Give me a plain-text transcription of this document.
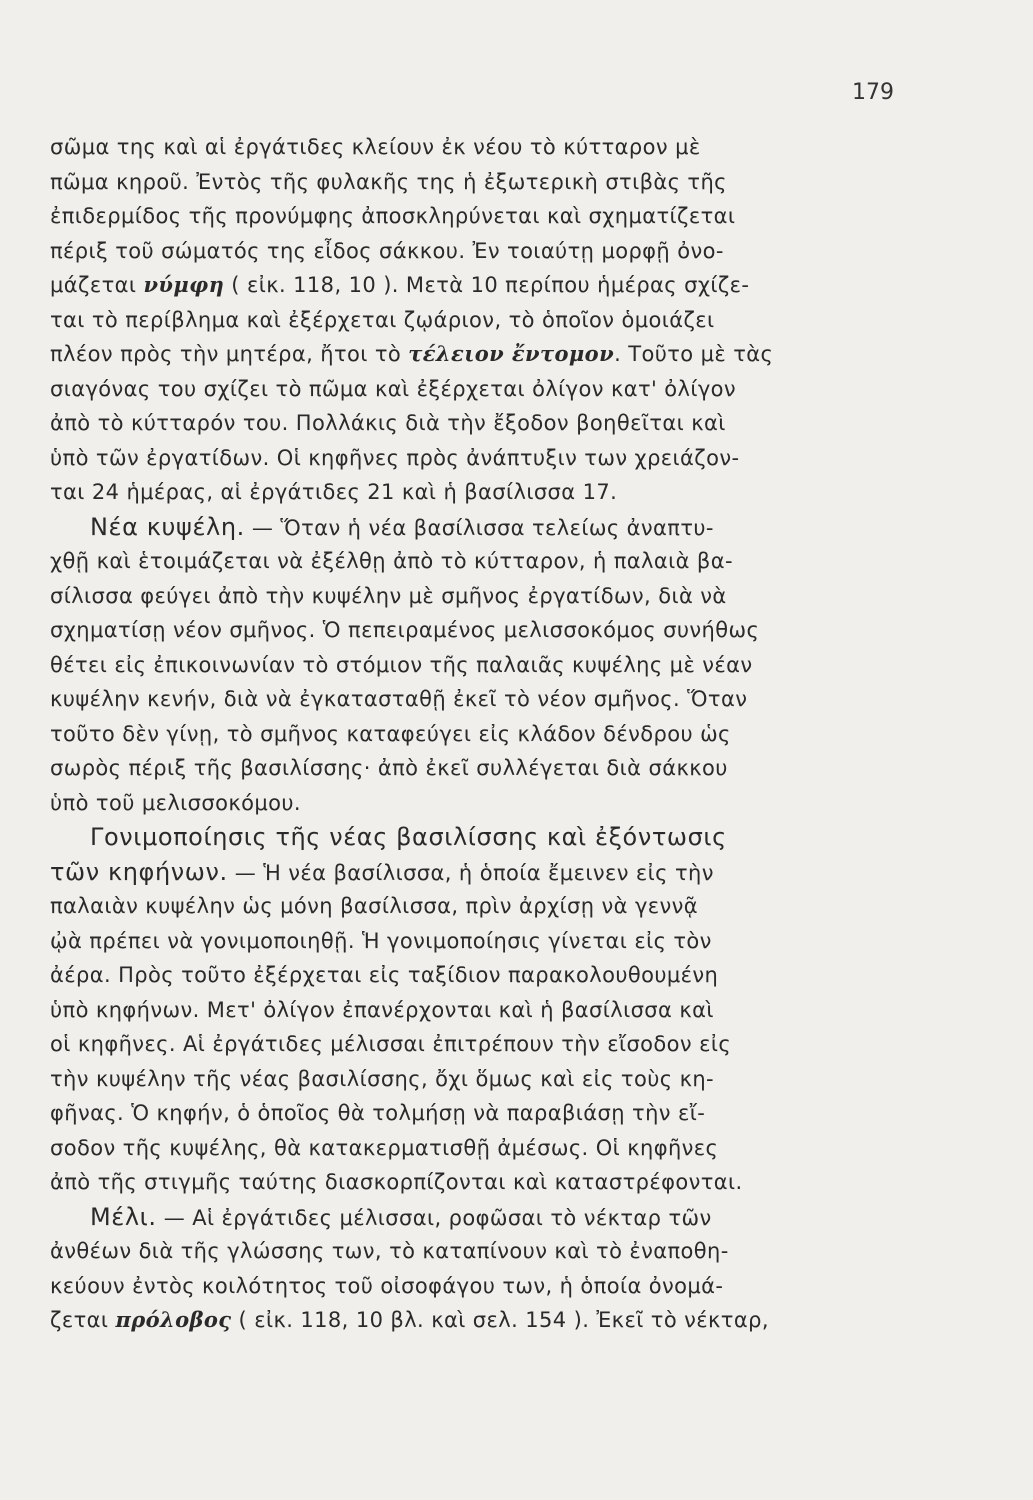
179
σῶμα της καὶ αἱ ἐργάτιδες κλείουν ἐκ νέου τὸ κύτταρον μὲ
πῶμα κηροῦ. Ἐντὸς τῆς φυλακῆς της ἡ ἐξωτερικὴ στιβὰς τῆς
ἐπιδερμίδος τῆς προνύμφης ἀποσκληρύνεται καὶ σχηματίζεται
πέριξ τοῦ σώματός της εἶδος σάκκου. Ἐν τοιαύτῃ μορφῇ ὀνο-
μάζεται νύμφη ( εἰκ. 118, 10 ). Μετὰ 10 περίπου ἡμέρας σχίζε-
ται τὸ περίβλημα καὶ ἐξέρχεται ζῳάριον, τὸ ὁποῖον ὁμοιάζει
πλέον πρὸς τὴν μητέρα, ἤτοι τὸ τέλειον ἔντομον. Τοῦτο μὲ τὰς
σιαγόνας του σχίζει τὸ πῶμα καὶ ἐξέρχεται ὀλίγον κατ' ὀλίγον
ἀπὸ τὸ κύτταρόν του. Πολλάκις διὰ τὴν ἔξοδον βοηθεῖται καὶ
ὑπὸ τῶν ἐργατίδων. Οἱ κηφῆνες πρὸς ἀνάπτυξιν των χρειάζον-
ται 24 ἡμέρας, αἱ ἐργάτιδες 21 καὶ ἡ βασίλισσα 17.
Νέα κυψέλη. — Ὅταν ἡ νέα βασίλισσα τελείως ἀναπτυ-
χθῇ καὶ ἑτοιμάζεται νὰ ἐξέλθῃ ἀπὸ τὸ κύτταρον, ἡ παλαιὰ βα-
σίλισσα φεύγει ἀπὸ τὴν κυψέλην μὲ σμῆνος ἐργατίδων, διὰ νὰ
σχηματίσῃ νέον σμῆνος. Ὁ πεπειραμένος μελισσοκόμος συνήθως
θέτει εἰς ἐπικοινωνίαν τὸ στόμιον τῆς παλαιᾶς κυψέλης μὲ νέαν
κυψέλην κενήν, διὰ νὰ ἐγκατασταθῇ ἐκεῖ τὸ νέον σμῆνος. Ὅταν
τοῦτο δὲν γίνῃ, τὸ σμῆνος καταφεύγει εἰς κλάδον δένδρου ὡς
σωρὸς πέριξ τῆς βασιλίσσης· ἀπὸ ἐκεῖ συλλέγεται διὰ σάκκου
ὑπὸ τοῦ μελισσοκόμου.
Γονιμοποίησις τῆς νέας βασιλίσσης καὶ ἐξόντωσις
τῶν κηφήνων. — Ἡ νέα βασίλισσα, ἡ ὁποία ἔμεινεν εἰς τὴν
παλαιὰν κυψέλην ὡς μόνη βασίλισσα, πρὶν ἀρχίσῃ νὰ γεννᾷ
ᾠὰ πρέπει νὰ γονιμοποιηθῇ. Ἡ γονιμοποίησις γίνεται εἰς τὸν
ἀέρα. Πρὸς τοῦτο ἐξέρχεται εἰς ταξίδιον παρακολουθουμένη
ὑπὸ κηφήνων. Μετ' ὀλίγον ἐπανέρχονται καὶ ἡ βασίλισσα καὶ
οἱ κηφῆνες. Αἱ ἐργάτιδες μέλισσαι ἐπιτρέπουν τὴν εἴσοδον εἰς
τὴν κυψέλην τῆς νέας βασιλίσσης, ὄχι ὅμως καὶ εἰς τοὺς κη-
φῆνας. Ὁ κηφήν, ὁ ὁποῖος θὰ τολμήσῃ νὰ παραβιάσῃ τὴν εἴ-
σοδον τῆς κυψέλης, θὰ κατακερματισθῇ ἀμέσως. Οἱ κηφῆνες
ἀπὸ τῆς στιγμῆς ταύτης διασκορπίζονται καὶ καταστρέφονται.
Μέλι. — Αἱ ἐργάτιδες μέλισσαι, ροφῶσαι τὸ νέκταρ τῶν
ἀνθέων διὰ τῆς γλώσσης των, τὸ καταπίνουν καὶ τὸ ἐναποθη-
κεύουν ἐντὸς κοιλότητος τοῦ οἰσοφάγου των, ἡ ὁποία ὀνομά-
ζεται πρόλοβος ( εἰκ. 118, 10 βλ. καὶ σελ. 154 ). Ἐκεῖ τὸ νέκταρ,
